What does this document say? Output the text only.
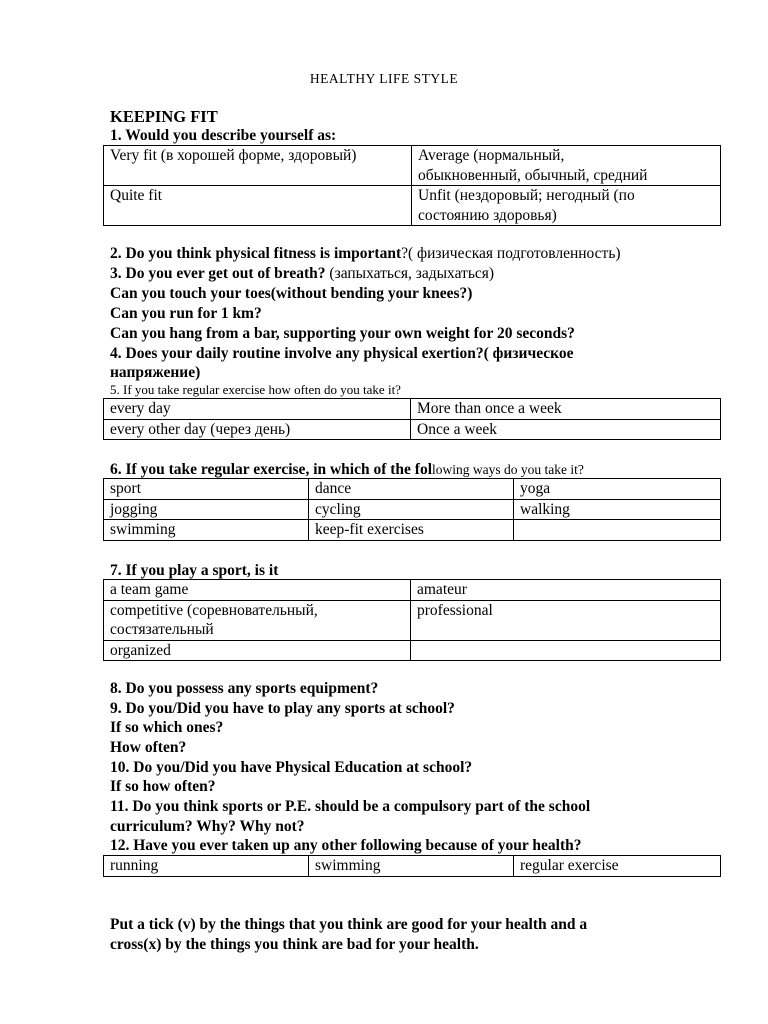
HEALTHY LIFE STYLE
KEEPING FIT
1. Would you describe yourself as:
Very fit (в хорошей форме, здоровый)	Average (нормальный,
обыкновенный, обычный, средний

Quite fit	Unfit (нездоровый; негодный (по
состоянию здоровья)
2. Do you think physical fitness is important?( физическая подготовленность)
3. Do you ever get out of breath? (запыхаться, задыхаться)
Can you touch your toes(without bending your knees?)
Can you run for 1 km?
Can you hang from a bar, supporting your own weight for 20 seconds?
4. Does your daily routine involve any physical exertion?( физическое
напряжение)
5. If you take regular exercise how often do you take it?
every day	More than once a week
every other day (через день)	Once a week
6. If you take regular exercise, in which of the following ways do you take it?
sport	dance	yoga
jogging	cycling	walking
swimming	keep-fit exercises	
7. If you play a sport, is it
a team game	amateur

competitive (соревновательный,
состязательный	professional
organized	
8. Do you possess any sports equipment?
9. Do you/Did you have to play any sports at school?
If so which ones?
How often?
10. Do you/Did you have Physical Education at school?
If so how often?
11. Do you think sports or P.E. should be a compulsory part of the school
curriculum? Why? Why not?
12. Have you ever taken up any other following because of your health?
running	swimming	regular exercise
Put a tick (v) by the things that you think are good for your health and a
cross(x) by the things you think are bad for your health.
